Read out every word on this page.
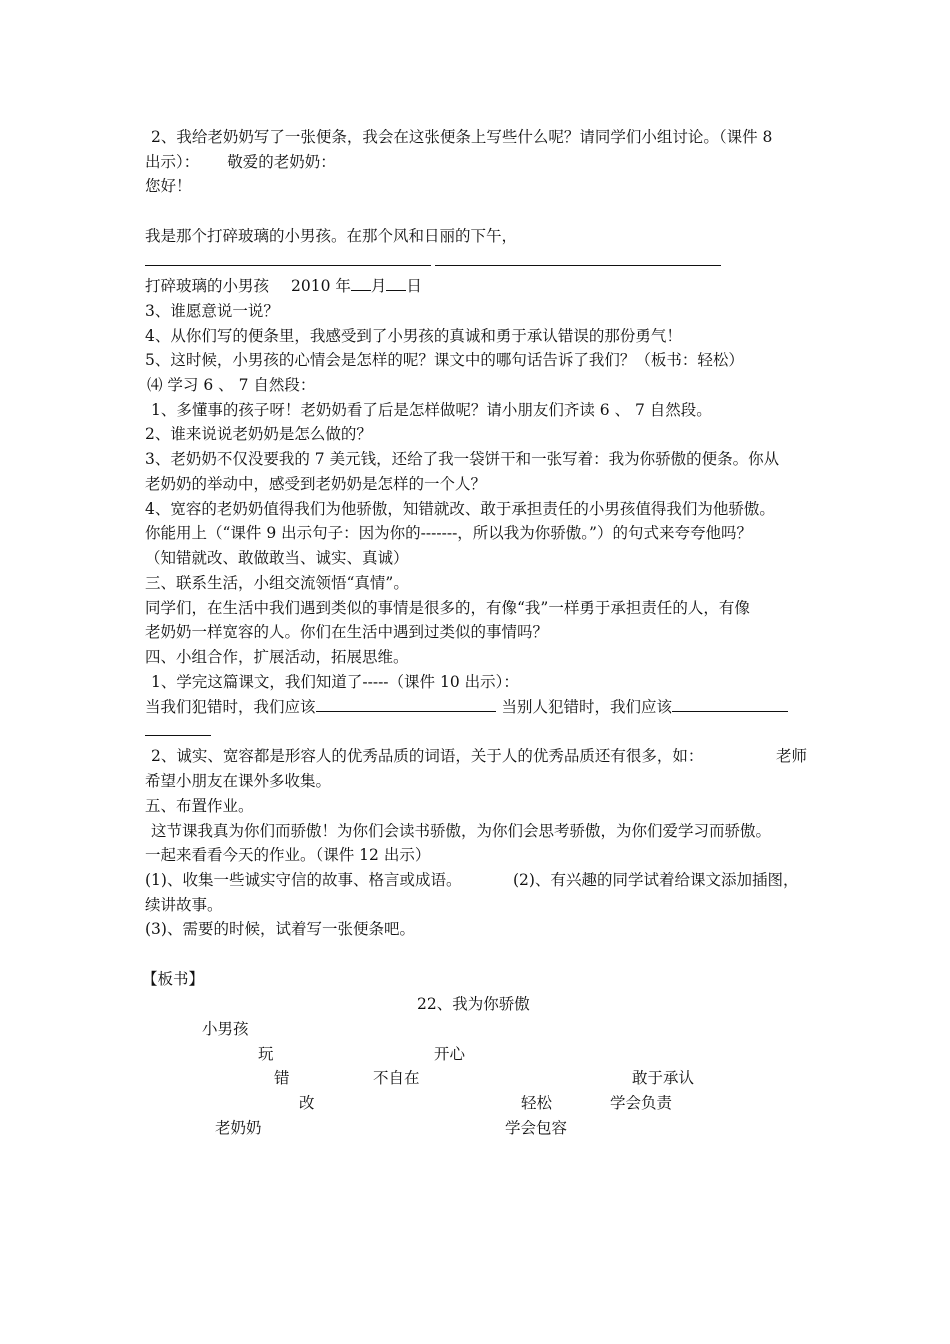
2、我给老奶奶写了一张便条，我会在这张便条上写些什么呢？请同学们小组讨论。（课件 8
出示）： 敬爱的老奶奶：
您好！
我是那个打碎玻璃的小男孩。在那个风和日丽的下午，
打碎玻璃的小男孩 2010 年 月 日
3、谁愿意说一说？
4、从你们写的便条里，我感受到了小男孩的真诚和勇于承认错误的那份勇气！
5、这时候，小男孩的心情会是怎样的呢？课文中的哪句话告诉了我们？（板书：轻松）
⑷ 学习 6 、 7 自然段：
1、多懂事的孩子呀！老奶奶看了后是怎样做呢？请小朋友们齐读 6 、 7 自然段。
2、谁来说说老奶奶是怎么做的？
3、老奶奶不仅没要我的 7 美元钱，还给了我一袋饼干和一张写着：我为你骄傲的便条。你从
老奶奶的举动中，感受到老奶奶是怎样的一个人？
4、宽容的老奶奶值得我们为他骄傲，知错就改、敢于承担责任的小男孩值得我们为他骄傲。
你能用上（“课件 9 出示句子：因为你的-------，所以我为你骄傲。”）的句式来夸夸他吗？
（知错就改、敢做敢当、诚实、真诚）
三、联系生活，小组交流领悟“真情”。
同学们，在生活中我们遇到类似的事情是很多的，有像“我”一样勇于承担责任的人，有像
老奶奶一样宽容的人。你们在生活中遇到过类似的事情吗？
四、小组合作，扩展活动，拓展思维。
1、学完这篇课文，我们知道了-----（课件 10 出示）：
当我们犯错时，我们应该	当别人犯错时，我们应该
2、诚实、宽容都是形容人的优秀品质的词语，关于人的优秀品质还有很多，如：	老师
希望小朋友在课外多收集。
五、布置作业。
这节课我真为你们而骄傲！为你们会读书骄傲，为你们会思考骄傲，为你们爱学习而骄傲。
一起来看看今天的作业。（课件 12 出示）
(1)、收集一些诚实守信的故事、格言或成语。	(2)、有兴趣的同学试着给课文添加插图，
续讲故事。
(3)、需要的时候，试着写一张便条吧。
【板书】
22、我为你骄傲
小男孩
玩	开心
错	不自在	敢于承认
改	轻松	学会负责
老奶奶	学会包容
